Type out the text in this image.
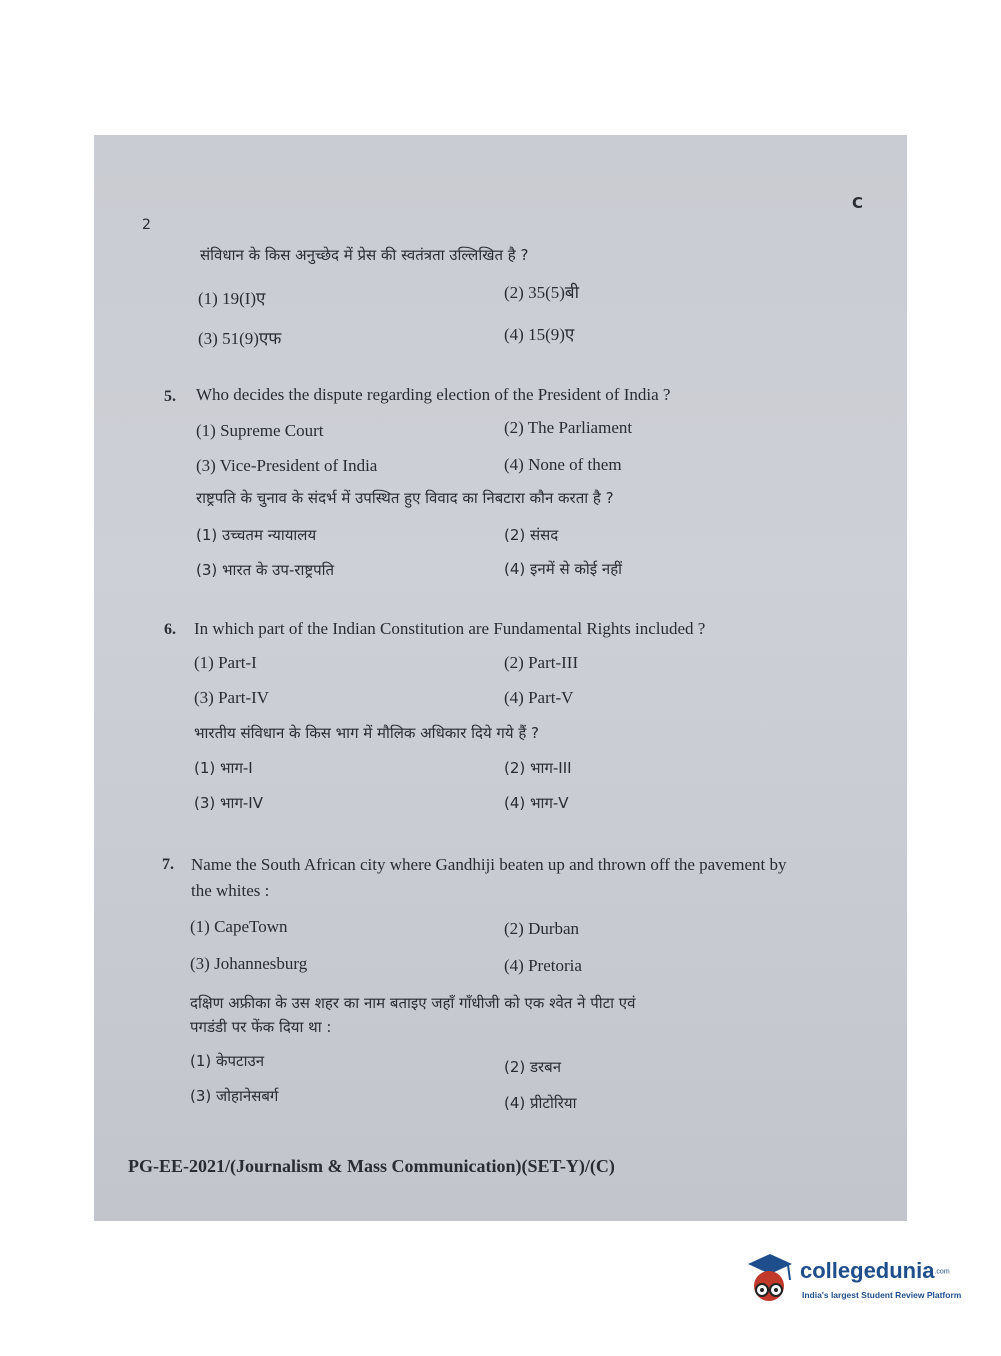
2
C
संविधान के किस अनुच्छेद में प्रेस की स्वतंत्रता उल्लिखित है ?
(1) 19(I)ए	(2) 35(5)बी
(3) 51(9)एफ	(4) 15(9)ए
5. Who decides the dispute regarding election of the President of India ?
(1) Supreme Court	(2) The Parliament
(3) Vice-President of India	(4) None of them
राष्ट्रपति के चुनाव के संदर्भ में उपस्थित हुए विवाद का निबटारा कौन करता है ?
(1) उच्चतम न्यायालय	(2) संसद
(3) भारत के उप-राष्ट्रपति	(4) इनमें से कोई नहीं
6. In which part of the Indian Constitution are Fundamental Rights included ?
(1) Part-I	(2) Part-III
(3) Part-IV	(4) Part-V
भारतीय संविधान के किस भाग में मौलिक अधिकार दिये गये हैं ?
(1) भाग-I	(2) भाग-III
(3) भाग-IV	(4) भाग-V
7. Name the South African city where Gandhiji beaten up and thrown off the pavement by
the whites :
(1) CapeTown	(2) Durban
(3) Johannesburg	(4) Pretoria
दक्षिण अफ्रीका के उस शहर का नाम बताइए जहाँ गाँधीजी को एक श्वेत ने पीटा एवं
पगडंडी पर फेंक दिया था :
(1) केपटाउन	(2) डरबन
(3) जोहानेसबर्ग	(4) प्रीटोरिया
PG-EE-2021/(Journalism & Mass Communication)(SET-Y)/(C)
collegedunia.com
India's largest Student Review Platform
